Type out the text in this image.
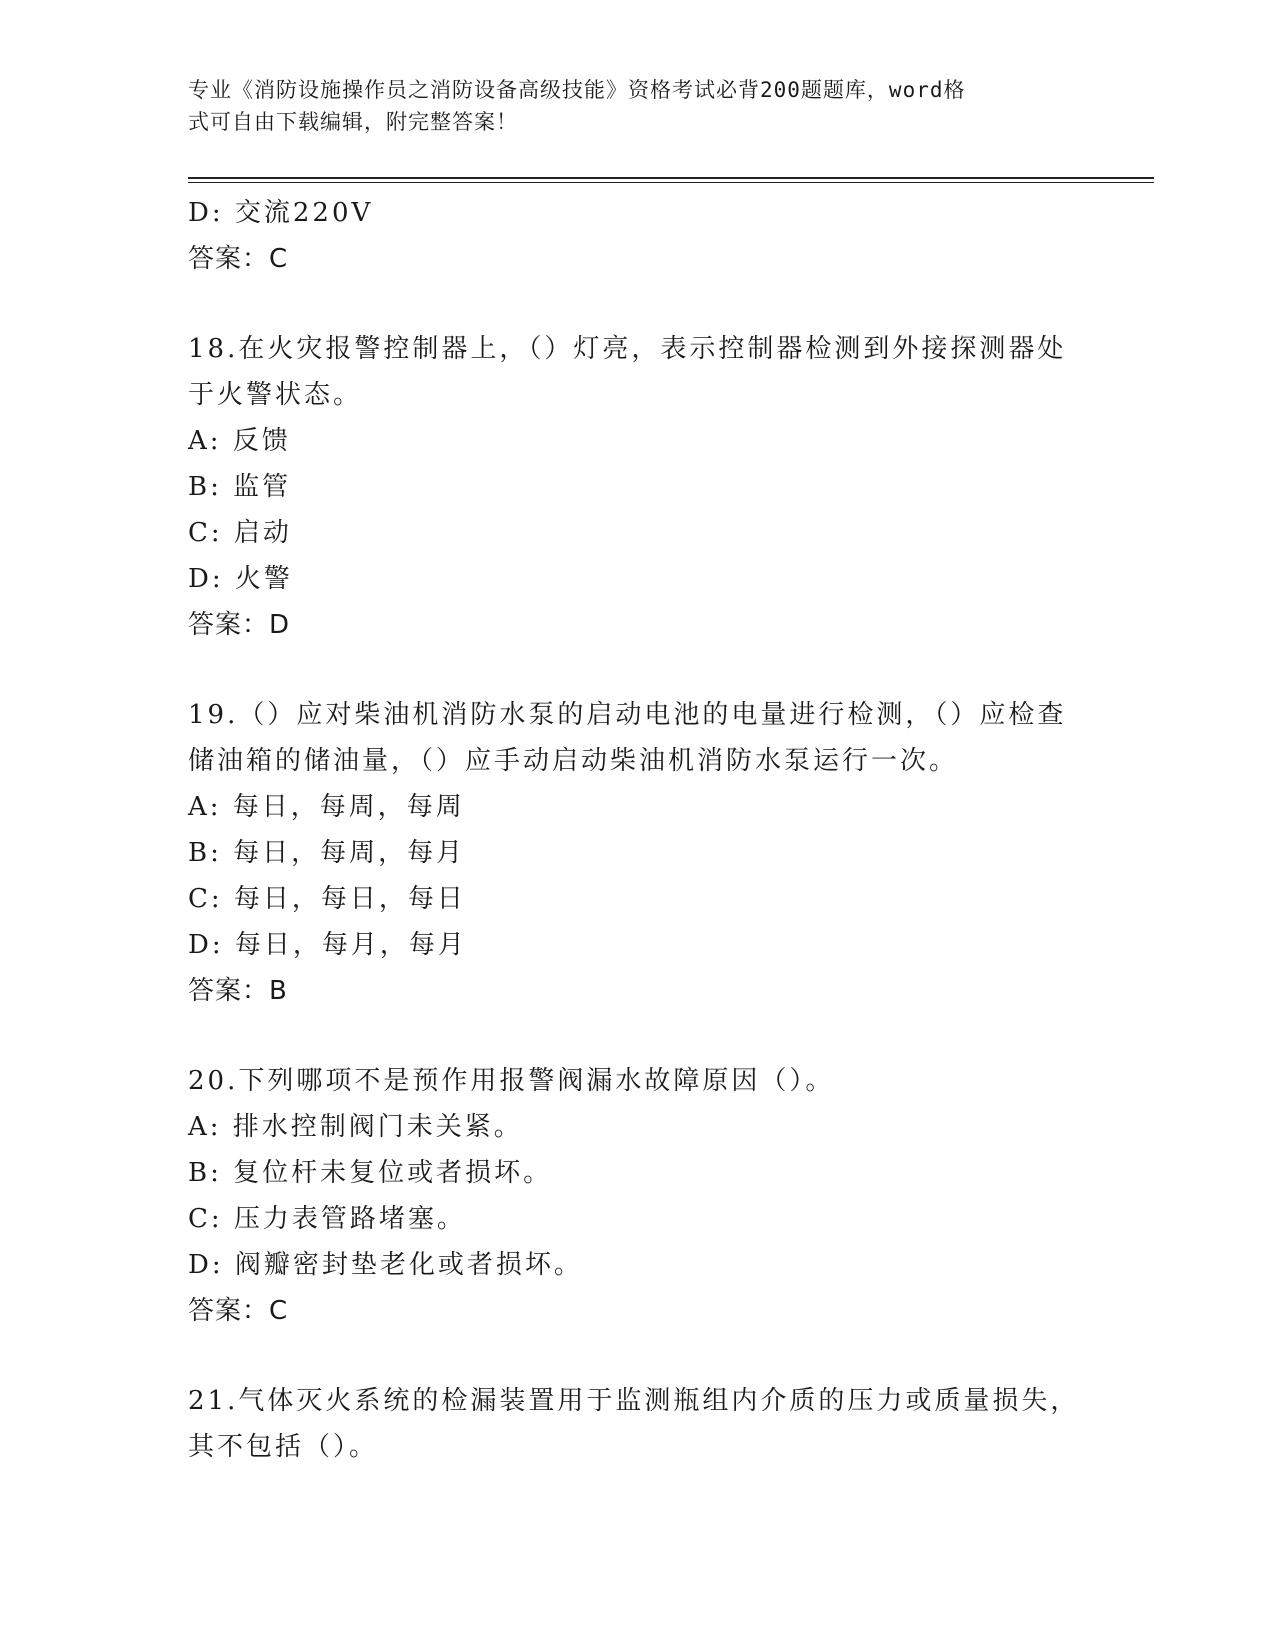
专业《消防设施操作员之消防设备高级技能》资格考试必背200题题库，word格
式可自由下载编辑，附完整答案！
D: 交流220V
答案：C
18.在火灾报警控制器上，（）灯亮，表示控制器检测到外接探测器处
于火警状态。
A: 反馈
B: 监管
C: 启动
D: 火警
答案：D
19.（）应对柴油机消防水泵的启动电池的电量进行检测，（）应检查
储油箱的储油量，（）应手动启动柴油机消防水泵运行一次。
A: 每日，每周，每周
B: 每日，每周，每月
C: 每日，每日，每日
D: 每日，每月，每月
答案：B
20.下列哪项不是预作用报警阀漏水故障原因（）。
A: 排水控制阀门未关紧。
B: 复位杆未复位或者损坏。
C: 压力表管路堵塞。
D: 阀瓣密封垫老化或者损坏。
答案：C
21.气体灭火系统的检漏装置用于监测瓶组内介质的压力或质量损失，
其不包括（）。
